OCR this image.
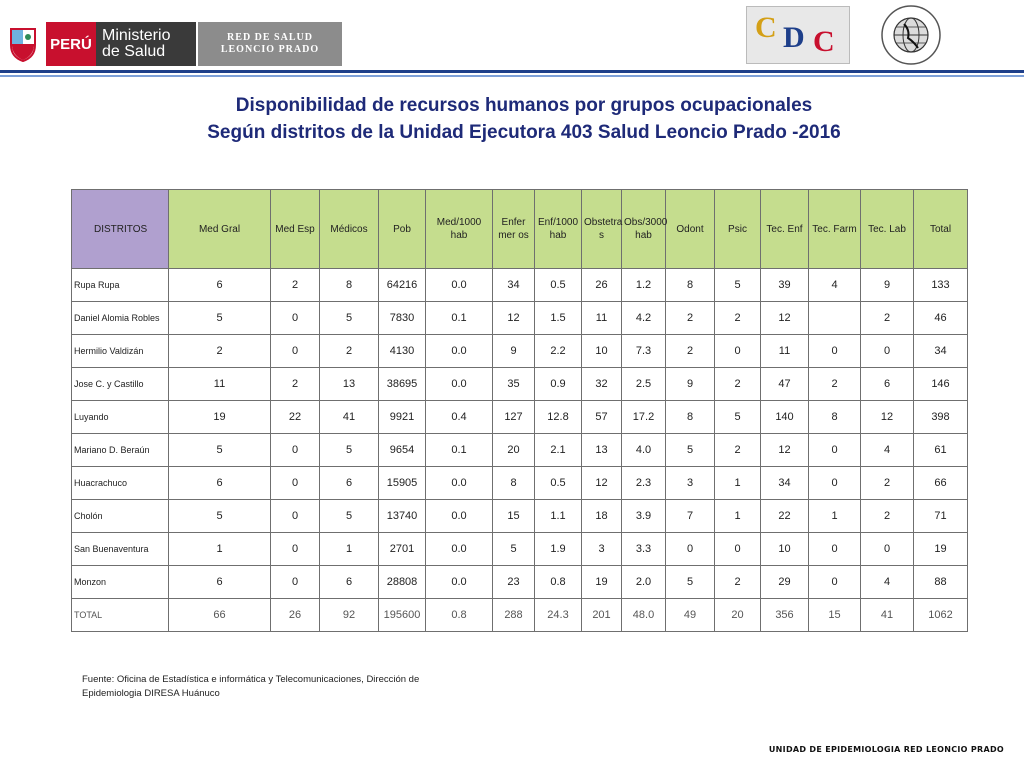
PERÚ Ministerio
de Salud
RED DE SALUD
LEONCIO PRADO
C D C
Disponibilidad de recursos humanos por grupos ocupacionales
Según distritos de la Unidad Ejecutora 403 Salud Leoncio Prado -2016
DISTRITOS	Med Gral	Med Esp	Médicos	Pob	Med/1000 hab	Enfer mer os	Enf/1000 hab	Obstetra s	Obs/3000 hab	Odont	Psic	Tec. Enf	Tec. Farm	Tec. Lab	Total
Rupa Rupa	6	2	8	64216	0.0	34	0.5	26	1.2	8	5	39	4	9	133
Daniel Alomia Robles	5	0	5	7830	0.1	12	1.5	11	4.2	2	2	12		2	46
Hermilio Valdizán	2	0	2	4130	0.0	9	2.2	10	7.3	2	0	11	0	0	34
Jose C. y Castillo	11	2	13	38695	0.0	35	0.9	32	2.5	9	2	47	2	6	146
Luyando	19	22	41	9921	0.4	127	12.8	57	17.2	8	5	140	8	12	398
Mariano D. Beraún	5	0	5	9654	0.1	20	2.1	13	4.0	5	2	12	0	4	61
Huacrachuco	6	0	6	15905	0.0	8	0.5	12	2.3	3	1	34	0	2	66
Cholón	5	0	5	13740	0.0	15	1.1	18	3.9	7	1	22	1	2	71
San Buenaventura	1	0	1	2701	0.0	5	1.9	3	3.3	0	0	10	0	0	19
Monzon	6	0	6	28808	0.0	23	0.8	19	2.0	5	2	29	0	4	88
TOTAL	66	26	92	195600	0.8	288	24.3	201	48.0	49	20	356	15	41	1062
Fuente: Oficina de Estadística e informática y Telecomunicaciones, Dirección de
Epidemiologia DIRESA Huánuco
UNIDAD DE EPIDEMIOLOGIA RED LEONCIO PRADO
